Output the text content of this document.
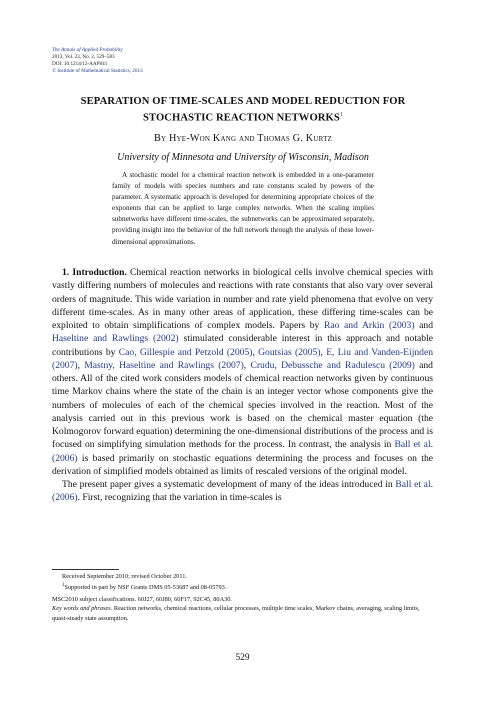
The Annals of Applied Probability
2013, Vol. 23, No. 2, 529–583
DOI: 10.1214/12-AAP841
© Institute of Mathematical Statistics, 2013
SEPARATION OF TIME-SCALES AND MODEL REDUCTION FOR
STOCHASTIC REACTION NETWORKS$^1$
By Hye-Won Kang and Thomas G. Kurtz
University of Minnesota and University of Wisconsin, Madison
A stochastic model for a chemical reaction network is embedded in a one-parameter family of models with species numbers and rate constants scaled by powers of the parameter. A systematic approach is developed for determining appropriate choices of the exponents that can be applied to large complex networks. When the scaling implies subnetworks have different time-scales, the subnetworks can be approximated separately, providing insight into the behavior of the full network through the analysis of these lower-dimensional approximations.

1. Introduction. Chemical reaction networks in biological cells involve chemical species with vastly differing numbers of molecules and reactions with rate constants that also vary over several orders of magnitude. This wide variation in number and rate yield phenomena that evolve on very different time-scales. As in many other areas of application, these differing time-scales can be exploited to obtain simplifications of complex models. Papers by Rao and Arkin (2003) and Haseltine and Rawlings (2002) stimulated considerable interest in this approach and notable contributions by Cao, Gillespie and Petzold (2005), Goutsias (2005), E, Liu and Vanden-Eijnden (2007), Mastny, Haseltine and Rawlings (2007), Crudu, Debussche and Radulescu (2009) and others. All of the cited work considers models of chemical reaction networks given by continuous time Markov chains where the state of the chain is an integer vector whose components give the numbers of molecules of each of the chemical species involved in the reaction. Most of the analysis carried out in this previous work is based on the chemical master equation (the Kolmogorov forward equation) determining the one-dimensional distributions of the process and is focused on simplifying simulation methods for the process. In contrast, the analysis in Ball et al. (2006) is based primarily on stochastic equations determining the process and focuses on the derivation of simplified models obtained as limits of rescaled versions of the original model.

The present paper gives a systematic development of many of the ideas introduced in Ball et al. (2006). First, recognizing that the variation in time-scales is

Received September 2010; revised October 2011.
$^1$Supported in part by NSF Grants DMS 05-53687 and 08-05793.
529
MSC2010 subject classifications. 60J27, 60J80, 60F17, 92C45, 80A30.
Key words and phrases. Reaction networks, chemical reactions, cellular processes, multiple time scales, Markov chains, averaging, scaling limits, quasi-steady state assumption.
